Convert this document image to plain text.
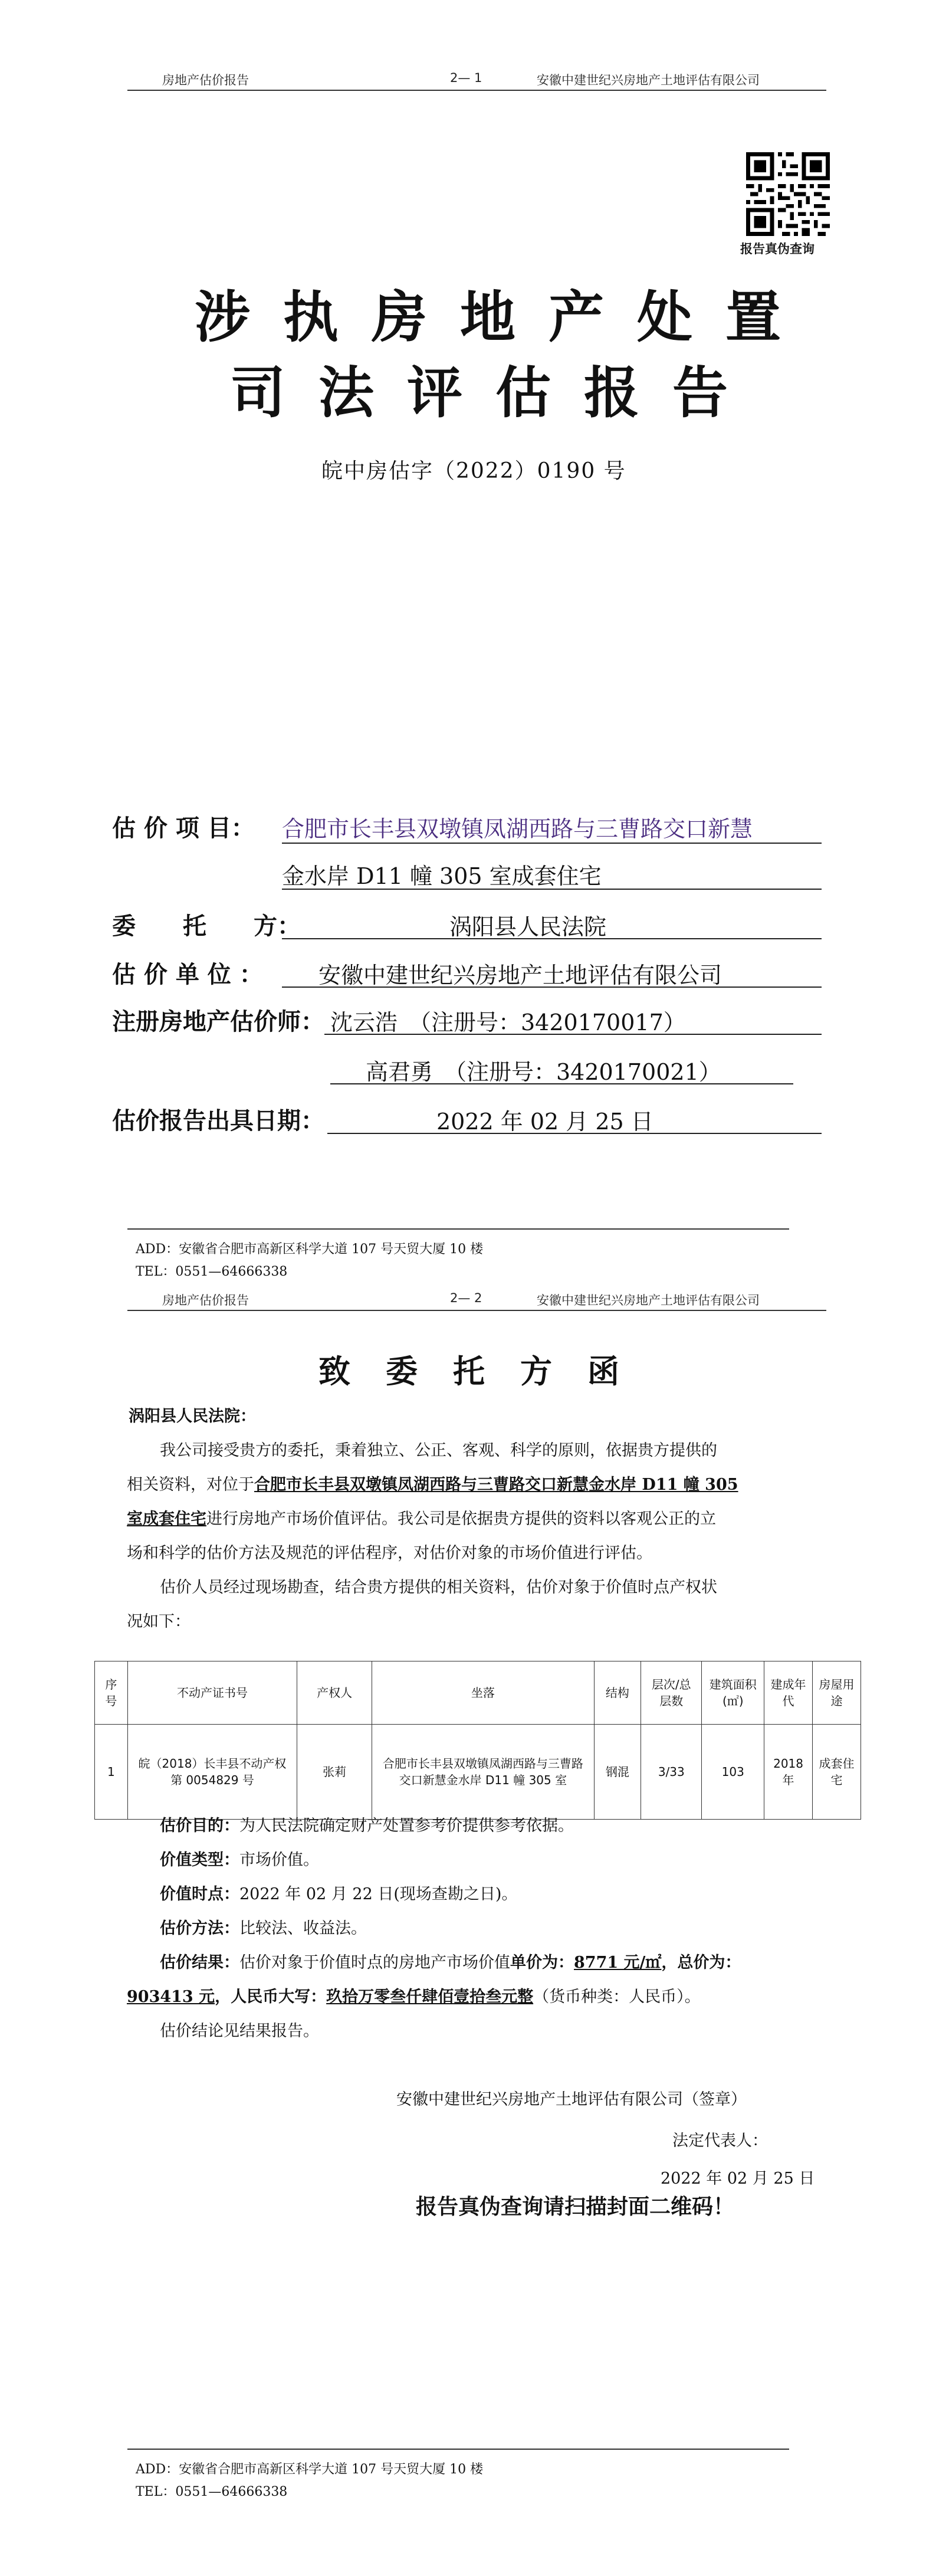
房地产估价报告	2— 1	安徽中建世纪兴房地产土地评估有限公司
报告真伪查询
涉执房地产处置
司法评估报告
皖中房估字（2022）0190 号
估 价 项 目： 合肥市长丰县双墩镇凤湖西路与三曹路交口新慧
金水岸 D11 幢 305 室成套住宅
委　　托　　方：	涡阳县人民法院
估 价 单 位 ： 安徽中建世纪兴房地产土地评估有限公司
注册房地产估价师： 沈云浩　（注册号：3420170017）
高君勇　（注册号：3420170021）
估价报告出具日期：	2022 年 02 月 25 日
ADD：安徽省合肥市高新区科学大道 107 号天贸大厦 10 楼
TEL：0551—64666338
房地产估价报告	2— 2	安徽中建世纪兴房地产土地评估有限公司
致委托方函
涡阳县人民法院：
我公司接受贵方的委托，秉着独立、公正、客观、科学的原则，依据贵方提供的
相关资料，对位于合肥市长丰县双墩镇凤湖西路与三曹路交口新慧金水岸 D11 幢 305
室成套住宅进行房地产市场价值评估。我公司是依据贵方提供的资料以客观公正的立
场和科学的估价方法及规范的评估程序，对估价对象的市场价值进行评估。
估价人员经过现场勘查，结合贵方提供的相关资料，估价对象于价值时点产权状
况如下：
序号	不动产证书号	产权人	坐落	结构	层次/总层数	建筑面积(㎡)	建成年代	房屋用途
1	皖（2018）长丰县不动产权第 0054829 号	张莉	合肥市长丰县双墩镇凤湖西路与三曹路交口新慧金水岸 D11 幢 305 室	钢混	3/33	103	2018 年	成套住宅
估价目的：为人民法院确定财产处置参考价提供参考依据。
价值类型：市场价值。
价值时点：2022 年 02 月 22 日(现场查勘之日)。
估价方法：比较法、收益法。
估价结果：估价对象于价值时点的房地产市场价值单价为：8771 元/㎡，总价为：
903413 元，人民币大写：玖拾万零叁仟肆佰壹拾叁元整（货币种类：人民币）。
估价结论见结果报告。
安徽中建世纪兴房地产土地评估有限公司（签章）
法定代表人：
2022 年 02 月 25 日
报告真伪查询请扫描封面二维码！
ADD：安徽省合肥市高新区科学大道 107 号天贸大厦 10 楼
TEL：0551—64666338
